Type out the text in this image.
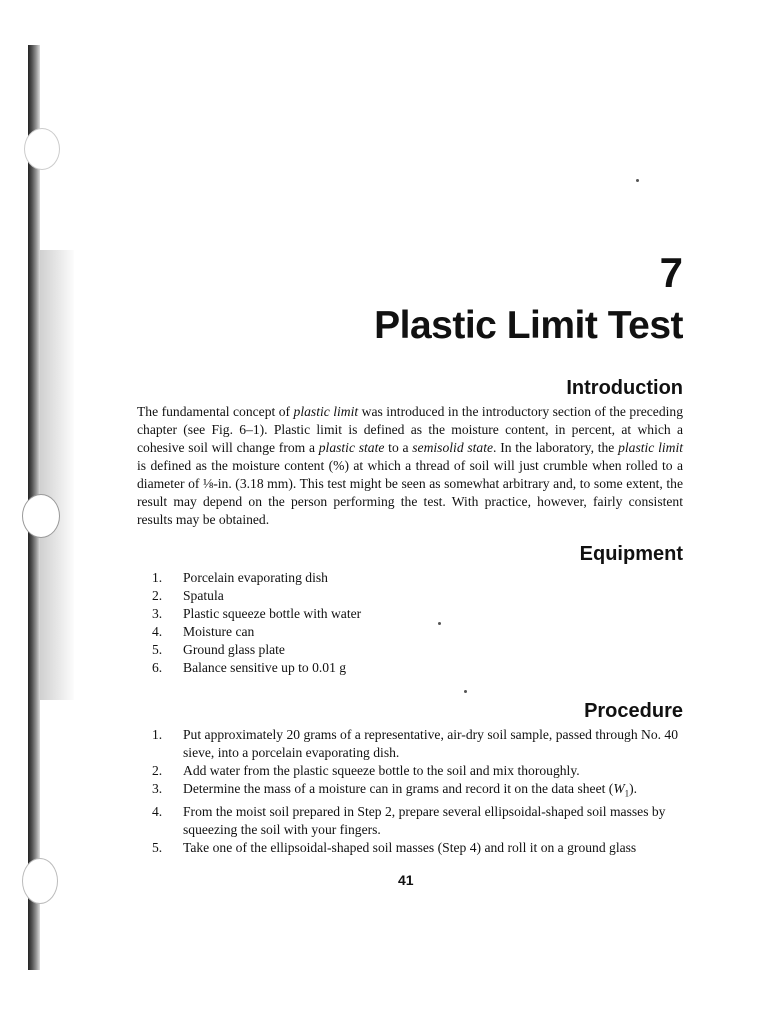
7
Plastic Limit Test
Introduction

The fundamental concept of plastic limit was introduced in the introductory section of the preceding chapter (see Fig. 6–1). Plastic limit is defined as the moisture content, in percent, at which a cohesive soil will change from a plastic state to a semisolid state. In the laboratory, the plastic limit is defined as the moisture content (%) at which a thread of soil will just crumble when rolled to a diameter of ⅛-in. (3.18 mm). This test might be seen as somewhat arbitrary and, to some extent, the result may depend on the person performing the test. With practice, however, fairly consistent results may be obtained.

Equipment
1.	Porcelain evaporating dish
2.	Spatula
3.	Plastic squeeze bottle with water
4.	Moisture can
5.	Ground glass plate
6.	Balance sensitive up to 0.01 g
Procedure
1.	Put approximately 20 grams of a representative, air-dry soil sample, passed through No. 40 sieve, into a porcelain evaporating dish.
2.	Add water from the plastic squeeze bottle to the soil and mix thoroughly.
3.	Determine the mass of a moisture can in grams and record it on the data sheet $(W_1)$.
4.	From the moist soil prepared in Step 2, prepare several ellipsoidal-shaped soil masses by squeezing the soil with your fingers.
5.	Take one of the ellipsoidal-shaped soil masses (Step 4) and roll it on a ground glass
41
